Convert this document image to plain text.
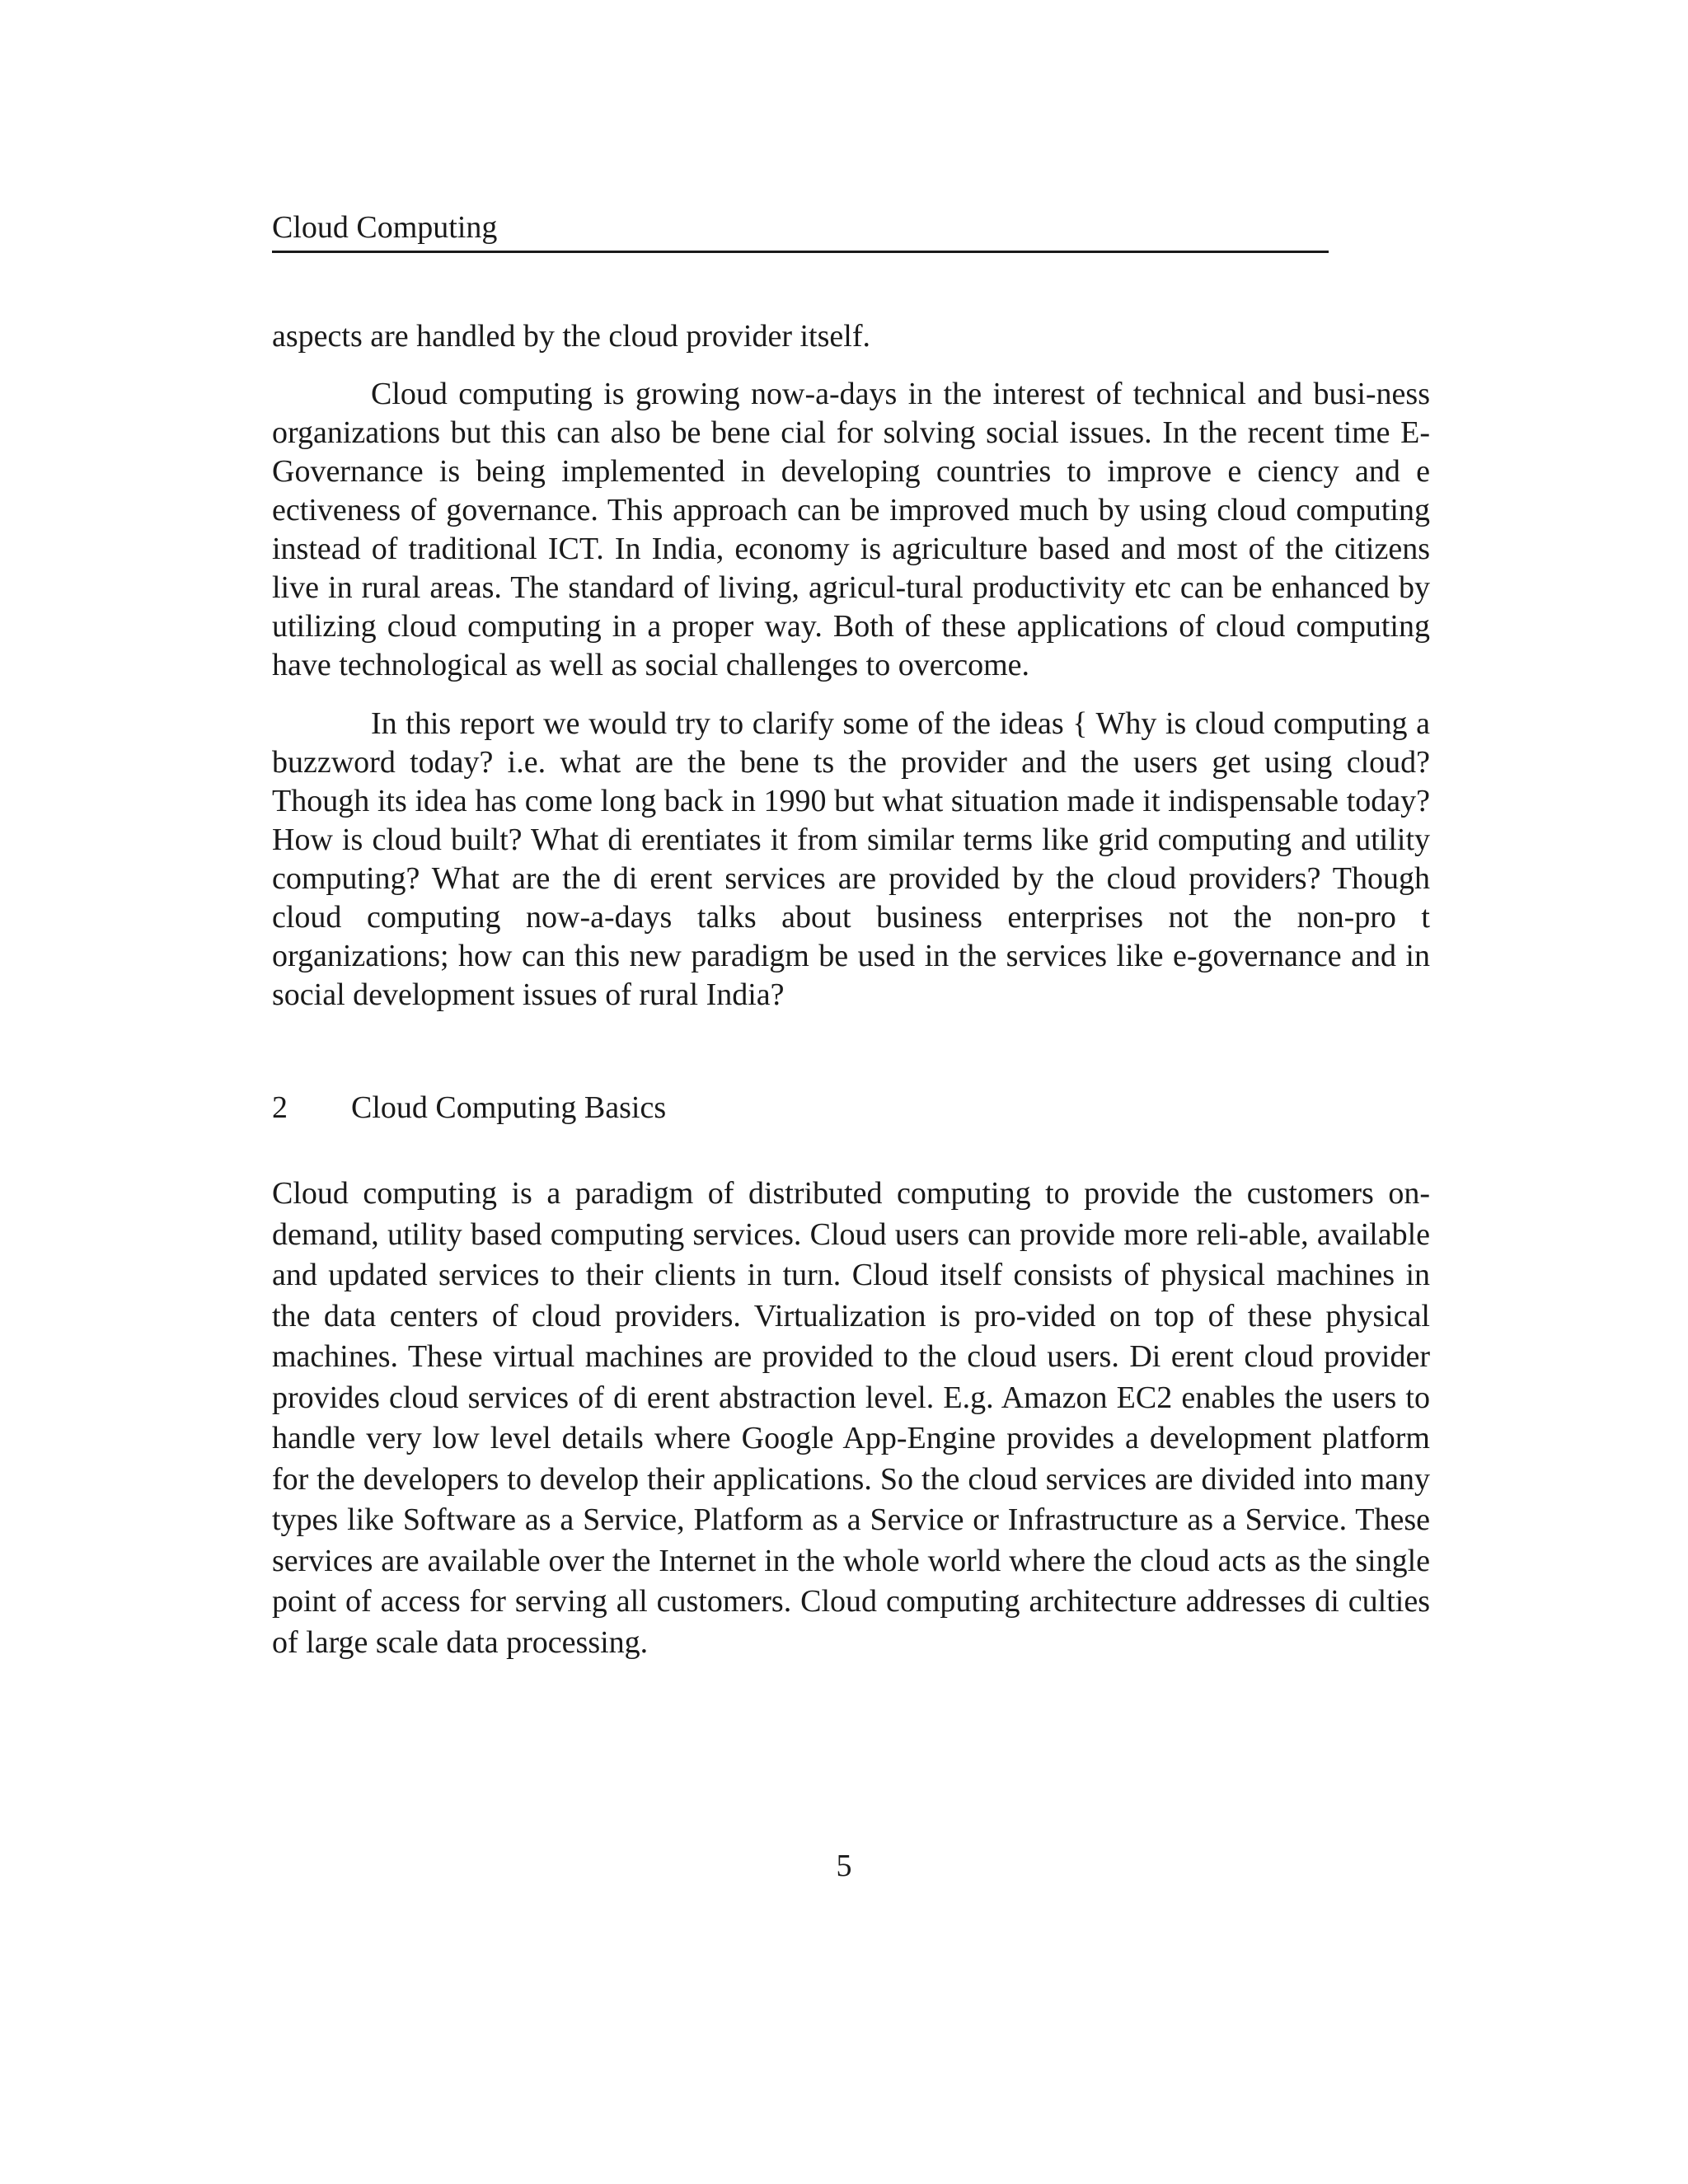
Cloud Computing

aspects are handled by the cloud provider itself.

Cloud computing is growing now-a-days in the interest of technical and busi-ness organizations but this can also be bene cial for solving social issues. In the recent time E-Governance is being implemented in developing countries to improve e ciency and e ectiveness of governance. This approach can be improved much by using cloud computing instead of traditional ICT. In India, economy is agriculture based and most of the citizens live in rural areas. The standard of living, agricul-tural productivity etc can be enhanced by utilizing cloud computing in a proper way. Both of these applications of cloud computing have technological as well as social challenges to overcome.

In this report we would try to clarify some of the ideas { Why is cloud computing a buzzword today? i.e. what are the bene ts the provider and the users get using cloud? Though its idea has come long back in 1990 but what situation made it indispensable today? How is cloud built? What di erentiates it from similar terms like grid computing and utility computing? What are the di erent services are provided by the cloud providers? Though cloud computing now-a-days talks about business enterprises not the non-pro t organizations; how can this new paradigm be used in the services like e-governance and in social development issues of rural India?

2 Cloud Computing Basics

Cloud computing is a paradigm of distributed computing to provide the customers on-demand, utility based computing services. Cloud users can provide more reli-able, available and updated services to their clients in turn. Cloud itself consists of physical machines in the data centers of cloud providers. Virtualization is pro-vided on top of these physical machines. These virtual machines are provided to the cloud users. Di erent cloud provider provides cloud services of di erent abstraction level. E.g. Amazon EC2 enables the users to handle very low level details where Google App-Engine provides a development platform for the developers to develop their applications. So the cloud services are divided into many types like Software as a Service, Platform as a Service or Infrastructure as a Service. These services are available over the Internet in the whole world where the cloud acts as the single point of access for serving all customers. Cloud computing architecture addresses di culties of large scale data processing.

5
